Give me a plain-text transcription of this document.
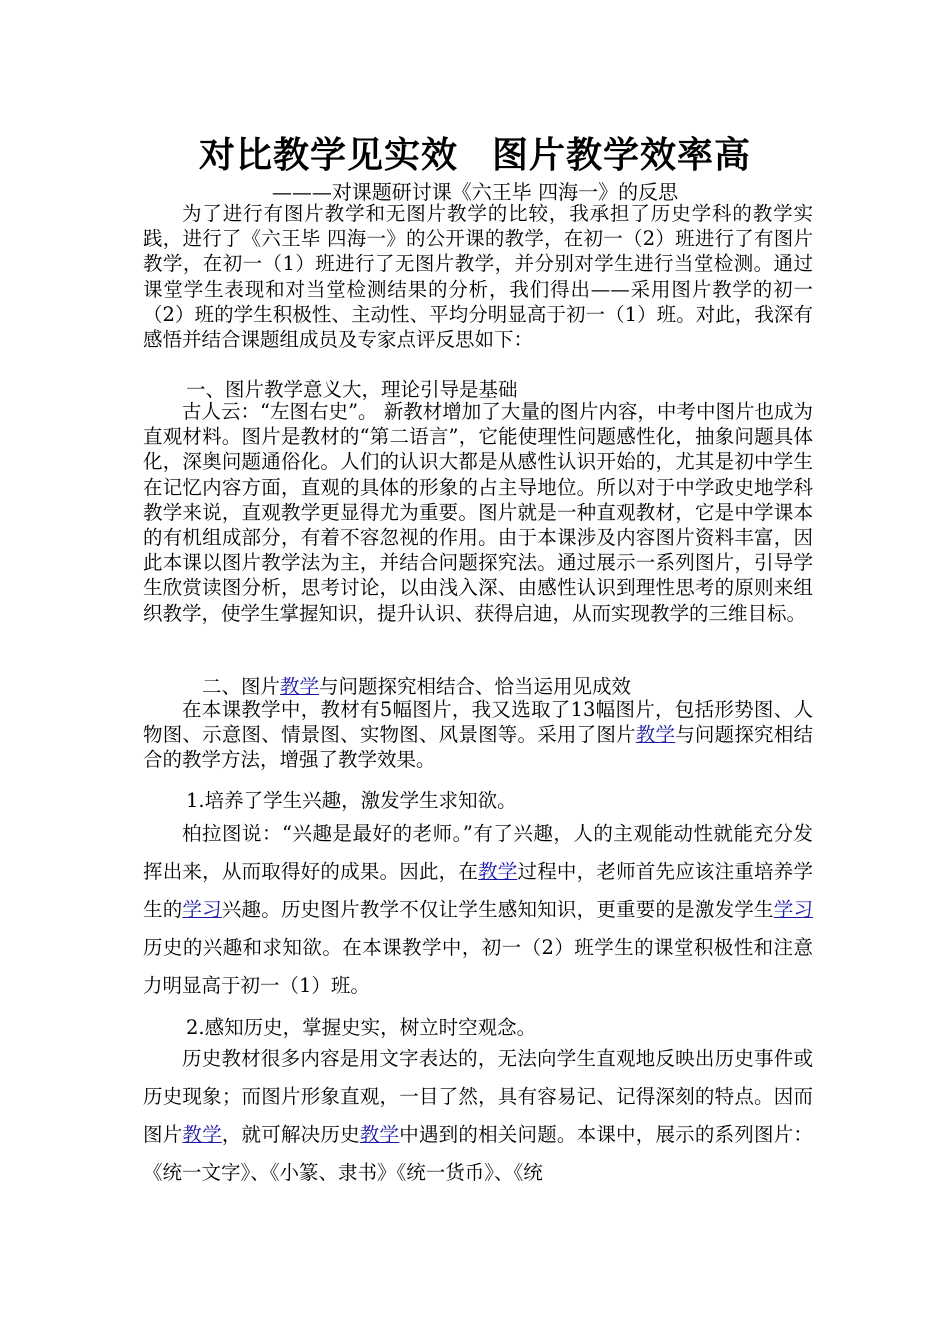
对比教学见实效 图片教学效率高
———对课题研讨课《六王毕 四海一》的反思

为了进行有图片教学和无图片教学的比较，我承担了历史学科的教学实践，进行了《六王毕 四海一》的公开课的教学，在初一（2）班进行了有图片教学，在初一（1）班进行了无图片教学，并分别对学生进行当堂检测。通过课堂学生表现和对当堂检测结果的分析，我们得出——采用图片教学的初一（2）班的学生积极性、主动性、平均分明显高于初一（1）班。对此，我深有感悟并结合课题组成员及专家点评反思如下：

一、图片教学意义大，理论引导是基础

古人云：“左图右史”。 新教材增加了大量的图片内容，中考中图片也成为直观材料。图片是教材的“第二语言”，它能使理性问题感性化，抽象问题具体化，深奥问题通俗化。人们的认识大都是从感性认识开始的，尤其是初中学生在记忆内容方面，直观的具体的形象的占主导地位。所以对于中学政史地学科教学来说，直观教学更显得尤为重要。图片就是一种直观教材，它是中学课本的有机组成部分，有着不容忽视的作用。由于本课涉及内容图片资料丰富，因此本课以图片教学法为主，并结合问题探究法。通过展示一系列图片，引导学生欣赏读图分析，思考讨论，以由浅入深、由感性认识到理性思考的原则来组织教学，使学生掌握知识，提升认识、获得启迪，从而实现教学的三维目标。

二、图片教学与问题探究相结合、恰当运用见成效

在本课教学中，教材有5幅图片，我又选取了13幅图片，包括形势图、人物图、示意图、情景图、实物图、风景图等。采用了图片教学与问题探究相结合的教学方法，增强了教学效果。

1.培养了学生兴趣，激发学生求知欲。

柏拉图说：“兴趣是最好的老师。”有了兴趣，人的主观能动性就能充分发挥出来，从而取得好的成果。因此，在教学过程中，老师首先应该注重培养学生的学习兴趣。历史图片教学不仅让学生感知知识，更重要的是激发学生学习历史的兴趣和求知欲。在本课教学中，初一（2）班学生的课堂积极性和注意力明显高于初一（1）班。

2.感知历史，掌握史实，树立时空观念。

历史教材很多内容是用文字表达的，无法向学生直观地反映出历史事件或历史现象；而图片形象直观，一目了然，具有容易记、记得深刻的特点。因而图片教学，就可解决历史教学中遇到的相关问题。本课中，展示的系列图片：《统一文字》、《小篆、隶书》《统一货币》、《统
